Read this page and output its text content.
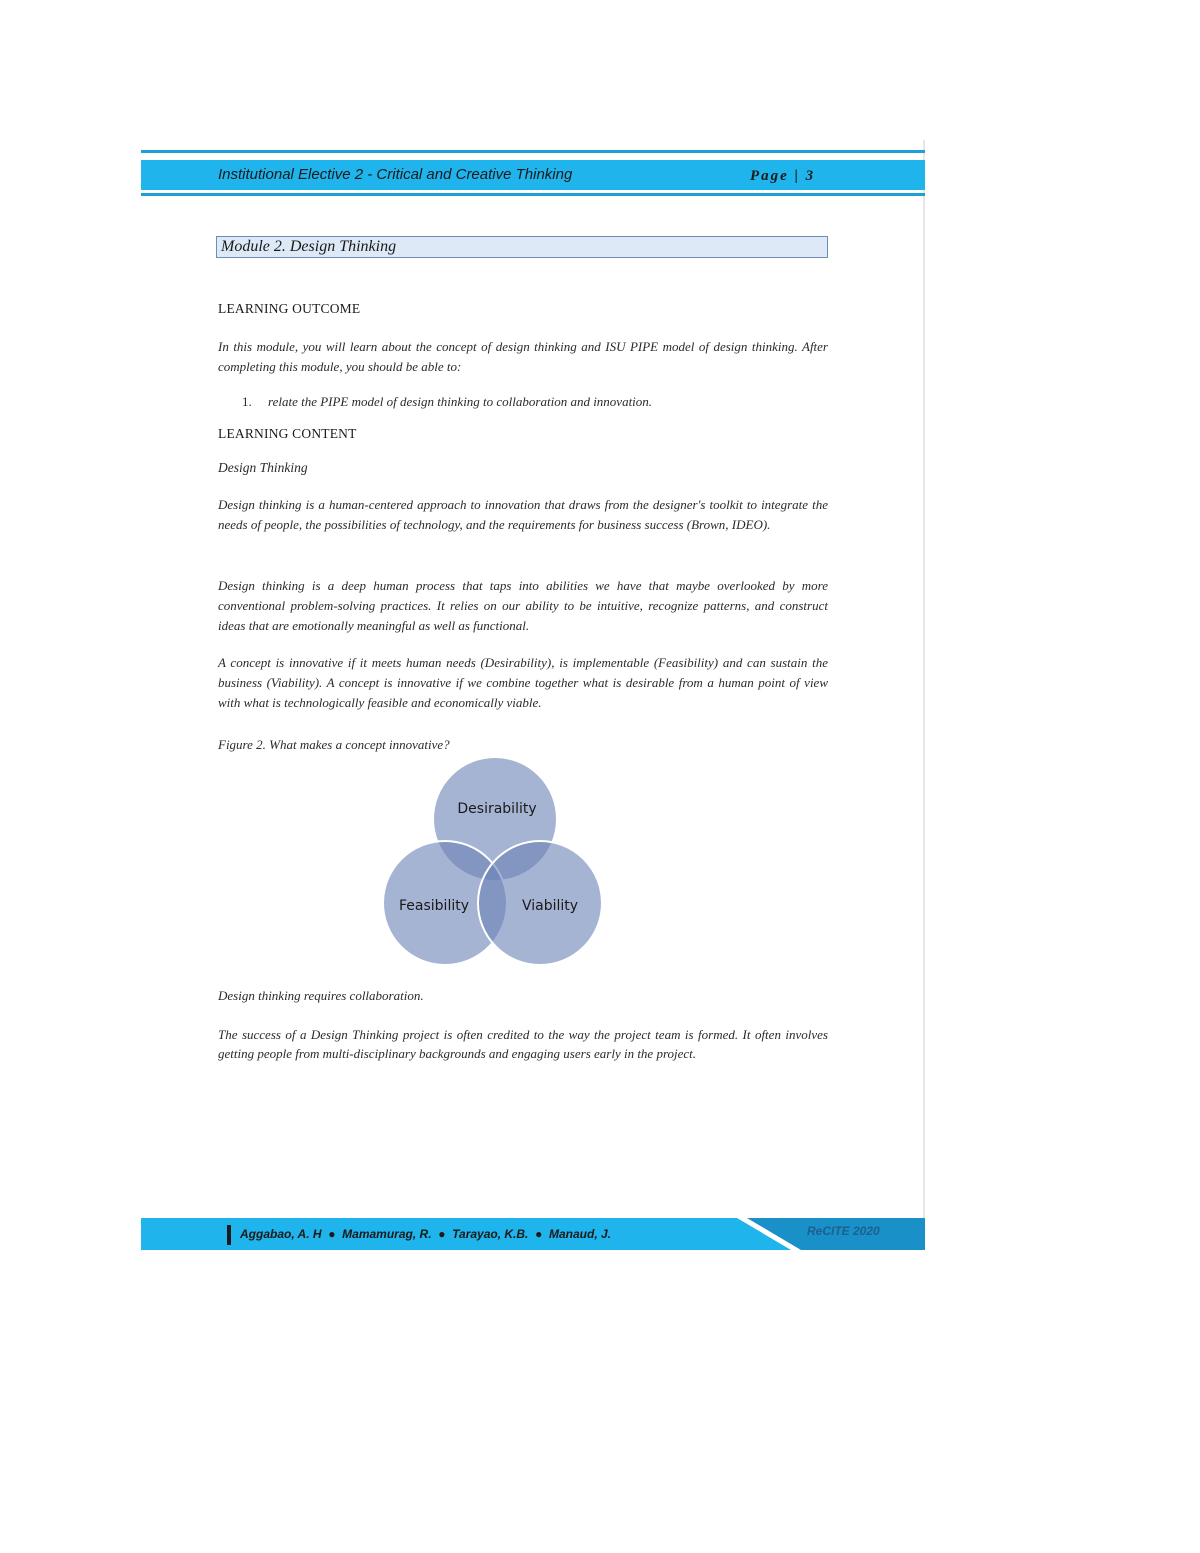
Institutional Elective 2 - Critical and Creative Thinking	Page | 3
Module 2. Design Thinking
LEARNING OUTCOME

In this module, you will learn about the concept of design thinking and ISU PIPE model of design thinking. After completing this module, you should be able to:

1. relate the PIPE model of design thinking to collaboration and innovation.
LEARNING CONTENT
Design Thinking

Design thinking is a human-centered approach to innovation that draws from the designer's toolkit to integrate the needs of people, the possibilities of technology, and the requirements for business success (Brown, IDEO).

Design thinking is a deep human process that taps into abilities we have that maybe overlooked by more conventional problem-solving practices. It relies on our ability to be intuitive, recognize patterns, and construct ideas that are emotionally meaningful as well as functional.

A concept is innovative if it meets human needs (Desirability), is implementable (Feasibility) and can sustain the business (Viability). A concept is innovative if we combine together what is desirable from a human point of view with what is technologically feasible and economically viable.

Figure 2. What makes a concept innovative?
Desirability
Feasibility	Viability
Design thinking requires collaboration.

The success of a Design Thinking project is often credited to the way the project team is formed. It often involves getting people from multi-disciplinary backgrounds and engaging users early in the project.

Aggabao, A. H  ●  Mamamurag, R.  ●  Tarayao, K.B.  ●  Manaud, J.	ReCITE 2020
